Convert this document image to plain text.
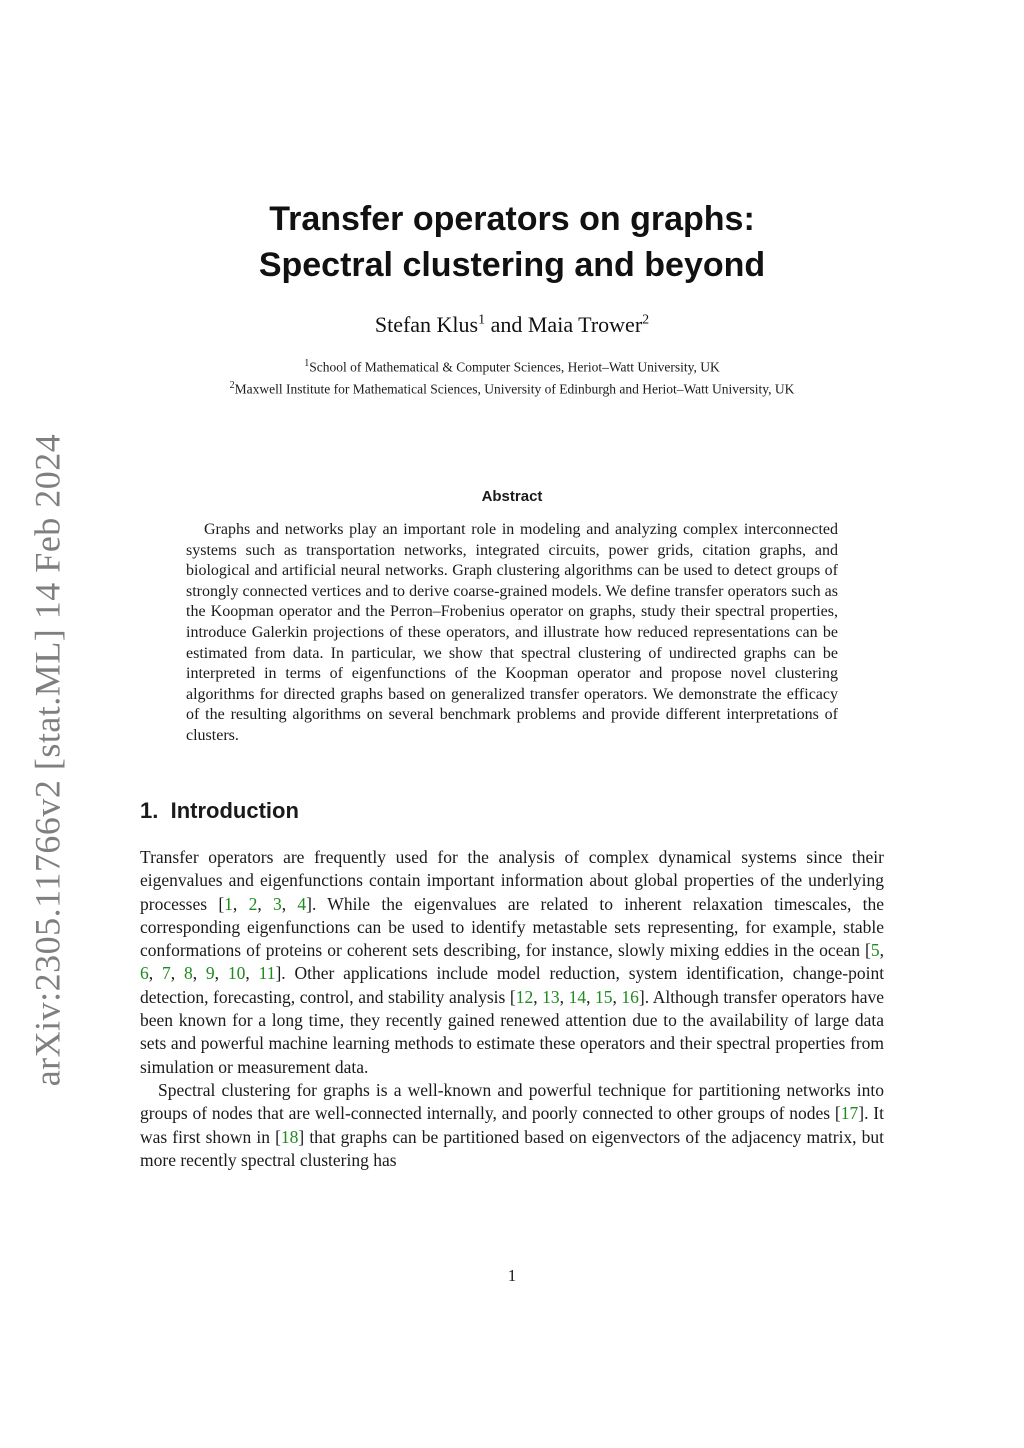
arXiv:2305.11766v2 [stat.ML] 14 Feb 2024
Transfer operators on graphs:
Spectral clustering and beyond
Stefan Klus$^1$ and Maia Trower$^2$
$^1$School of Mathematical & Computer Sciences, Heriot–Watt University, UK
$^2$Maxwell Institute for Mathematical Sciences, University of Edinburgh and Heriot–Watt University, UK
Abstract
Graphs and networks play an important role in modeling and analyzing complex interconnected systems such as transportation networks, integrated circuits, power grids, citation graphs, and biological and artificial neural networks. Graph clustering algorithms can be used to detect groups of strongly connected vertices and to derive coarse-grained models. We define transfer operators such as the Koopman operator and the Perron–Frobenius operator on graphs, study their spectral properties, introduce Galerkin projections of these operators, and illustrate how reduced representations can be estimated from data. In particular, we show that spectral clustering of undirected graphs can be interpreted in terms of eigenfunctions of the Koopman operator and propose novel clustering algorithms for directed graphs based on generalized transfer operators. We demonstrate the efficacy of the resulting algorithms on several benchmark problems and provide different interpretations of clusters.
1. Introduction

Transfer operators are frequently used for the analysis of complex dynamical systems since their eigenvalues and eigenfunctions contain important information about global properties of the underlying processes [1, 2, 3, 4]. While the eigenvalues are related to inherent relaxation timescales, the corresponding eigenfunctions can be used to identify metastable sets representing, for example, stable conformations of proteins or coherent sets describing, for instance, slowly mixing eddies in the ocean [5, 6, 7, 8, 9, 10, 11]. Other applications include model reduction, system identification, change-point detection, forecasting, control, and stability analysis [12, 13, 14, 15, 16]. Although transfer operators have been known for a long time, they recently gained renewed attention due to the availability of large data sets and powerful machine learning methods to estimate these operators and their spectral properties from simulation or measurement data.

Spectral clustering for graphs is a well-known and powerful technique for partitioning networks into groups of nodes that are well-connected internally, and poorly connected to other groups of nodes [17]. It was first shown in [18] that graphs can be partitioned based on eigenvectors of the adjacency matrix, but more recently spectral clustering has

1
